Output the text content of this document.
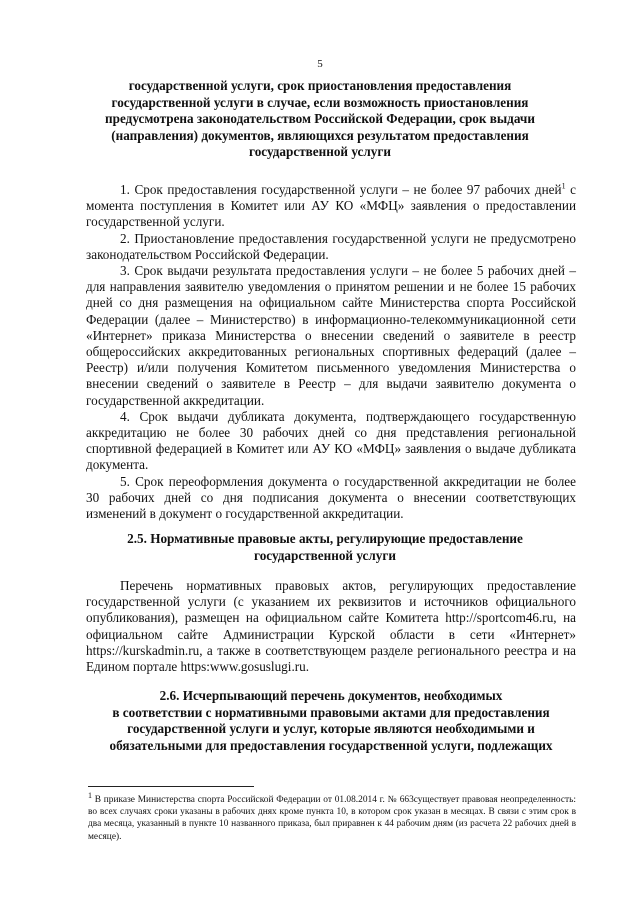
5
государственной услуги, срок приостановления предоставления
государственной услуги в случае, если возможность приостановления
предусмотрена законодательством Российской Федерации, срок выдачи
(направления) документов, являющихся результатом предоставления
государственной услуги

1. Срок предоставления государственной услуги – не более 97 рабочих дней$^1$ с момента поступления в Комитет или АУ КО «МФЦ» заявления о предоставлении государственной услуги.

2. Приостановление предоставления государственной услуги не предусмотрено законодательством Российской Федерации.

3. Срок выдачи результата предоставления услуги – не более 5 рабочих дней – для направления заявителю уведомления о принятом решении и не более 15 рабочих дней со дня размещения на официальном сайте Министерства спорта Российской Федерации (далее – Министерство) в информационно-телекоммуникационной сети «Интернет» приказа Министерства о внесении сведений о заявителе в реестр общероссийских аккредитованных региональных спортивных федераций (далее – Реестр) и/или получения Комитетом письменного уведомления Министерства о внесении сведений о заявителе в Реестр – для выдачи заявителю документа о государственной аккредитации.

4. Срок выдачи дубликата документа, подтверждающего государственную аккредитацию не более 30 рабочих дней со дня представления региональной спортивной федерацией в Комитет или АУ КО «МФЦ» заявления о выдаче дубликата документа.

5. Срок переоформления документа о государственной аккредитации не более 30 рабочих дней со дня подписания документа о внесении соответствующих изменений в документ о государственной аккредитации.

2.5. Нормативные правовые акты, регулирующие предоставление
государственной услуги

Перечень нормативных правовых актов, регулирующих предоставление государственной услуги (с указанием их реквизитов и источников официального опубликования), размещен на официальном сайте Комитета http://sportcom46.ru, на официальном сайте Администрации Курской области в сети «Интернет» https://kurskadmin.ru, а также в соответствующем разделе регионального реестра и на Едином портале https:www.gosuslugi.ru.

2.6. Исчерпывающий перечень документов, необходимых
в соответствии с нормативными правовыми актами для предоставления
государственной услуги и услуг, которые являются необходимыми и
обязательными для предоставления государственной услуги, подлежащих
$^1$ В приказе Министерства спорта Российской Федерации от 01.08.2014 г. № 663существует правовая неопределенность: во всех случаях сроки указаны в рабочих днях кроме пункта 10, в котором срок указан в месяцах. В связи с этим срок в два месяца, указанный в пункте 10 названного приказа, был приравнен к 44 рабочим дням (из расчета 22 рабочих дней в месяце).
